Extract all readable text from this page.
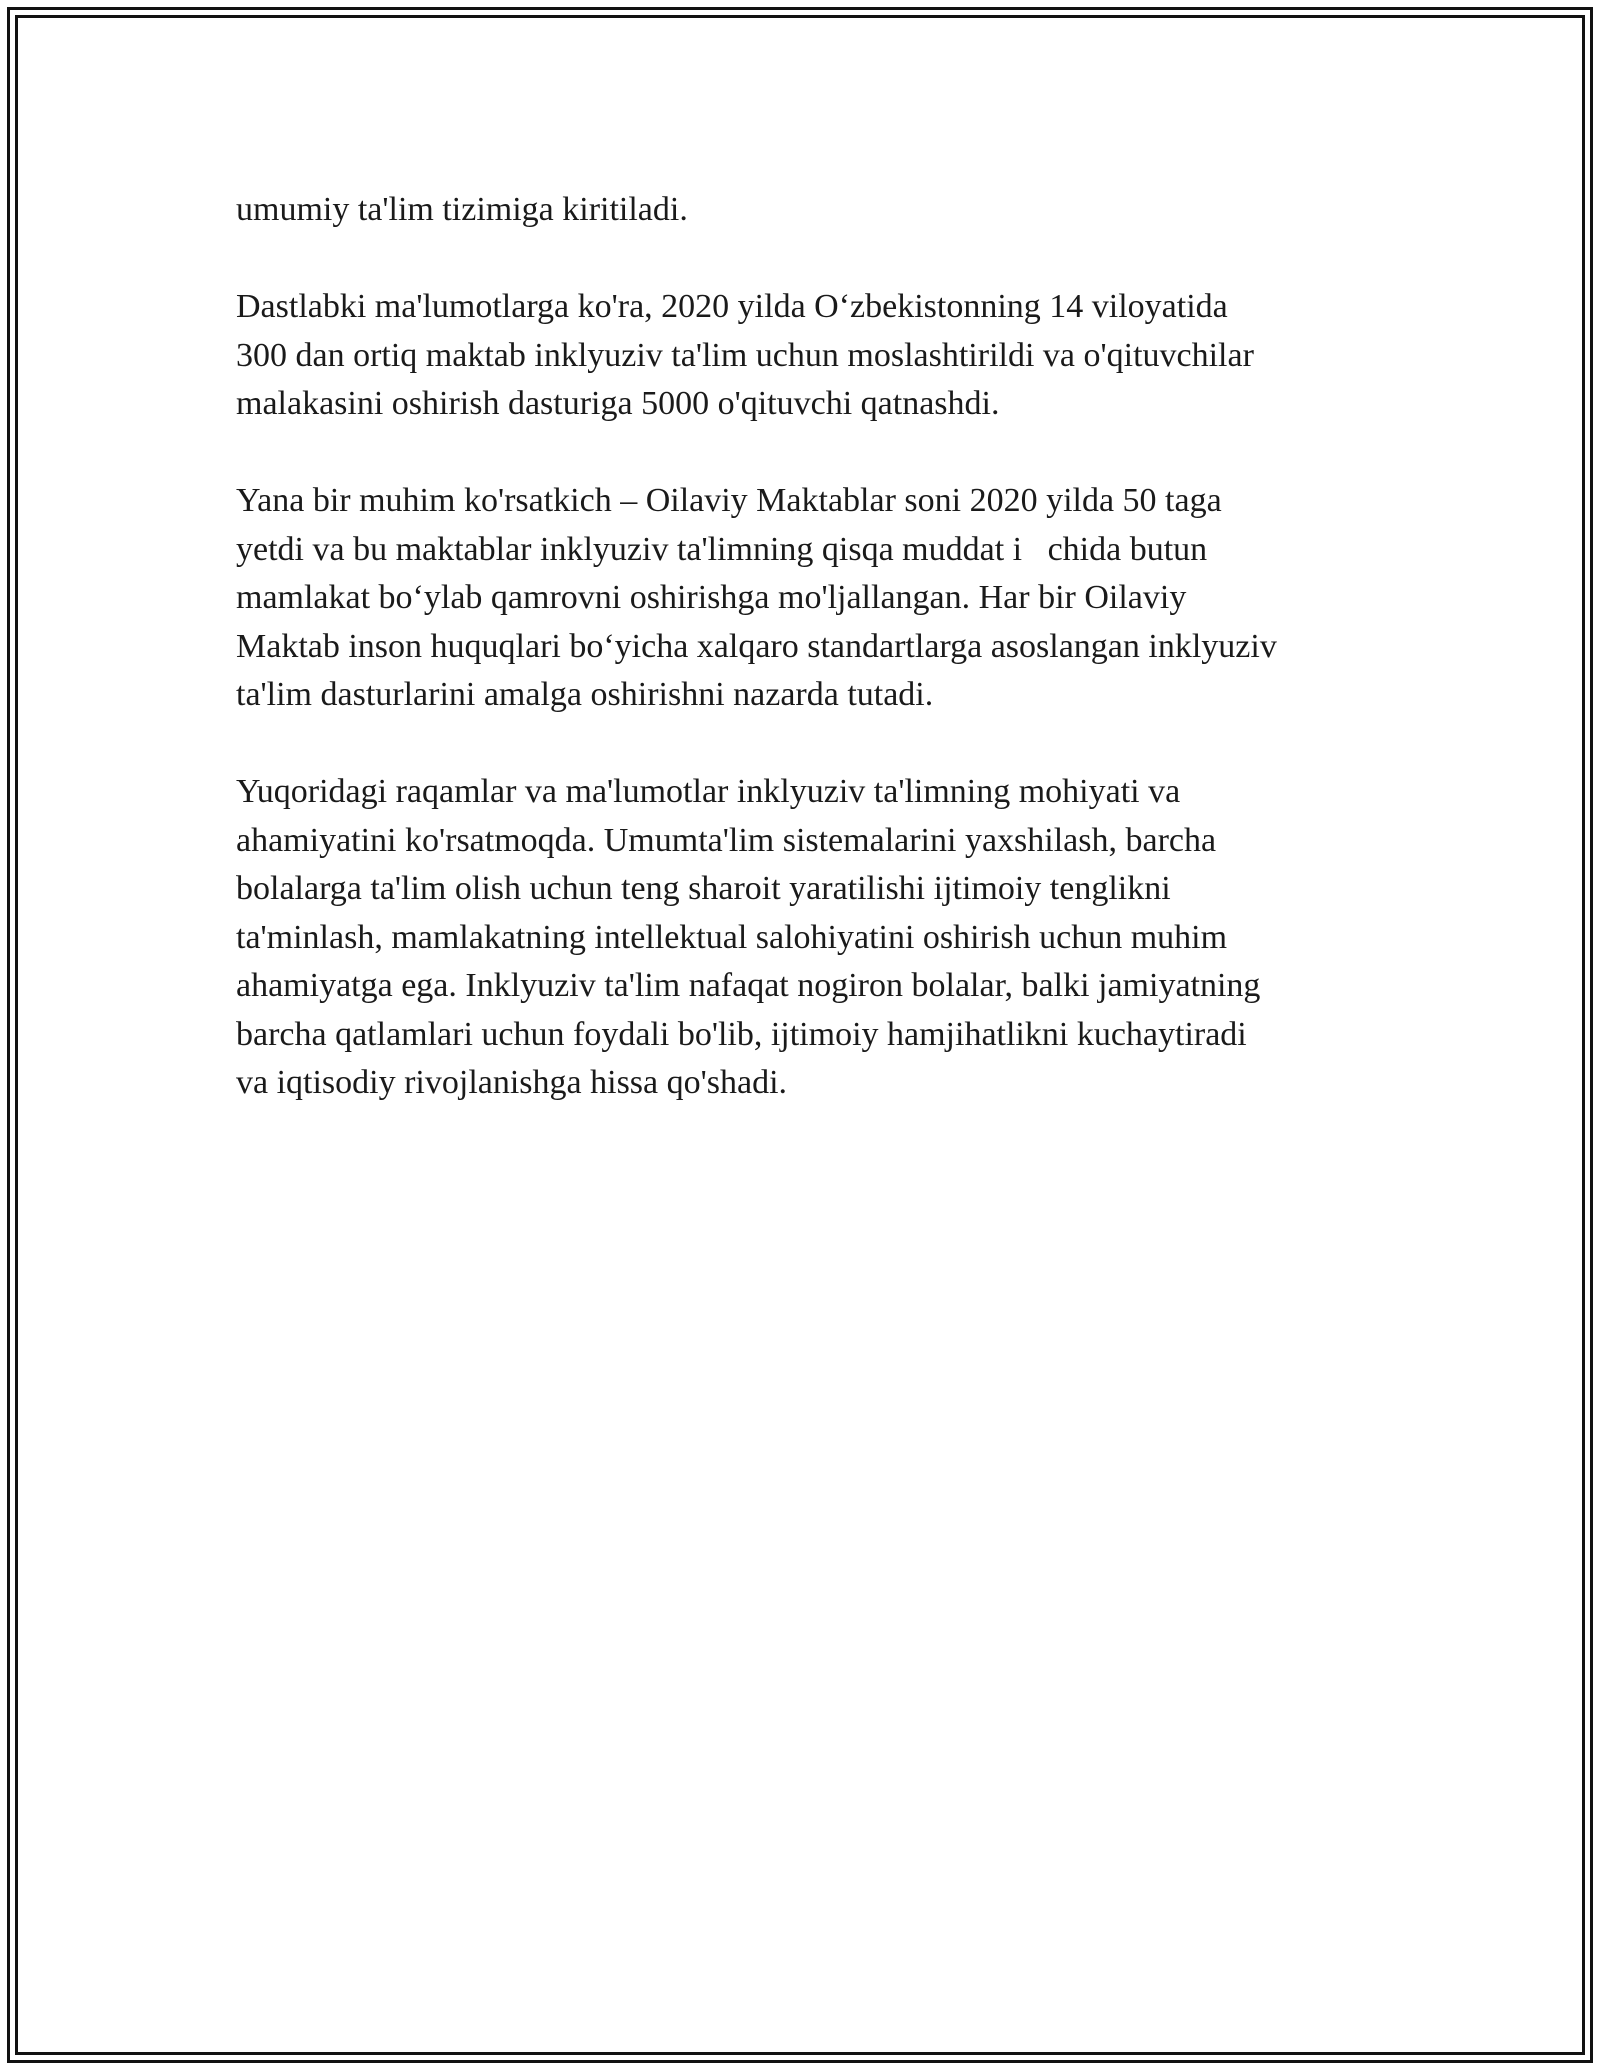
umumiy ta'lim tizimiga kiritiladi.

Dastlabki ma'lumotlarga ko'ra, 2020 yilda O‘zbekistonning 14 viloyatida
300 dan ortiq maktab inklyuziv ta'lim uchun moslashtirildi va o'qituvchilar
malakasini oshirish dasturiga 5000 o'qituvchi qatnashdi.

Yana bir muhim ko'rsatkich – Oilaviy Maktablar soni 2020 yilda 50 taga
yetdi va bu maktablar inklyuziv ta'limning qisqa muddat i   chida butun
mamlakat bo‘ylab qamrovni oshirishga mo'ljallangan. Har bir Oilaviy
Maktab inson huquqlari bo‘yicha xalqaro standartlarga asoslangan inklyuziv
ta'lim dasturlarini amalga oshirishni nazarda tutadi.

Yuqoridagi raqamlar va ma'lumotlar inklyuziv ta'limning mohiyati va
ahamiyatini ko'rsatmoqda. Umumta'lim sistemalarini yaxshilash, barcha
bolalarga ta'lim olish uchun teng sharoit yaratilishi ijtimoiy tenglikni
ta'minlash, mamlakatning intellektual salohiyatini oshirish uchun muhim
ahamiyatga ega. Inklyuziv ta'lim nafaqat nogiron bolalar, balki jamiyatning
barcha qatlamlari uchun foydali bo'lib, ijtimoiy hamjihatlikni kuchaytiradi
va iqtisodiy rivojlanishga hissa qo'shadi.
